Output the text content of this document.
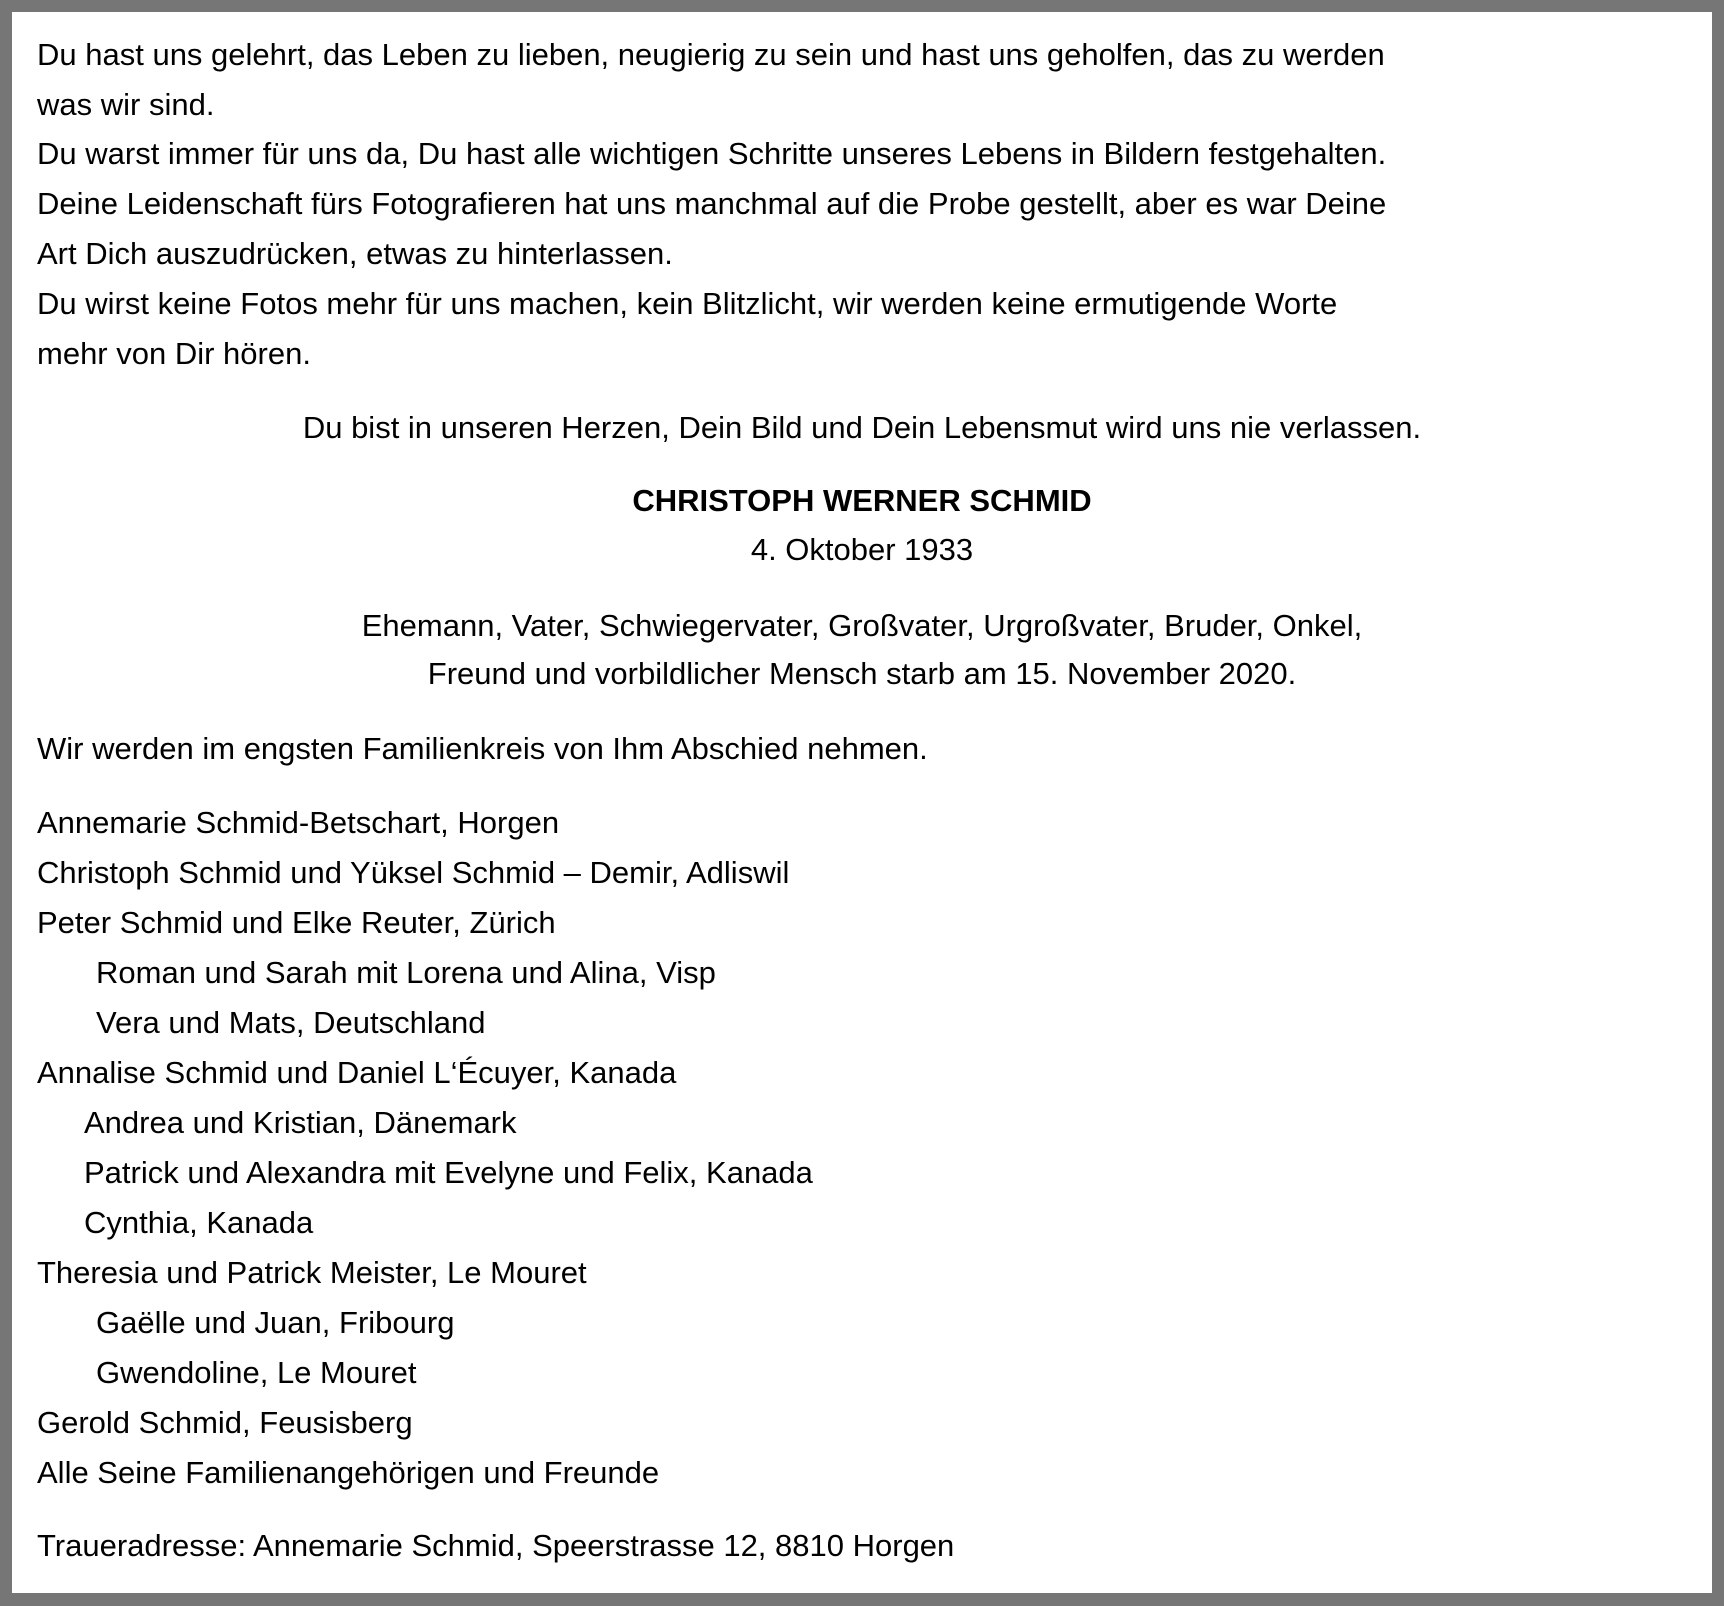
Du hast uns gelehrt, das Leben zu lieben, neugierig zu sein und hast uns geholfen, das zu werden
was wir sind.
Du warst immer für uns da, Du hast alle wichtigen Schritte unseres Lebens in Bildern festgehalten.
Deine Leidenschaft fürs Fotografieren hat uns manchmal auf die Probe gestellt, aber es war Deine
Art Dich auszudrücken, etwas zu hinterlassen.
Du wirst keine Fotos mehr für uns machen, kein Blitzlicht, wir werden keine ermutigende Worte
mehr von Dir hören.
Du bist in unseren Herzen, Dein Bild und Dein Lebensmut wird uns nie verlassen.
CHRISTOPH WERNER SCHMID
4. Oktober 1933
Ehemann, Vater, Schwiegervater, Großvater, Urgroßvater, Bruder, Onkel,
Freund und vorbildlicher Mensch starb am 15. November 2020.
Wir werden im engsten Familienkreis von Ihm Abschied nehmen.
Annemarie Schmid-Betschart, Horgen
Christoph Schmid und Yüksel Schmid – Demir, Adliswil
Peter Schmid und Elke Reuter, Zürich
Roman und Sarah mit Lorena und Alina, Visp
Vera und Mats, Deutschland
Annalise Schmid und Daniel L‘Écuyer, Kanada
Andrea und Kristian, Dänemark
Patrick und Alexandra mit Evelyne und Felix, Kanada
Cynthia, Kanada
Theresia und Patrick Meister, Le Mouret
Gaëlle und Juan, Fribourg
Gwendoline, Le Mouret
Gerold Schmid, Feusisberg
Alle Seine Familienangehörigen und Freunde
Traueradresse: Annemarie Schmid, Speerstrasse 12, 8810 Horgen
